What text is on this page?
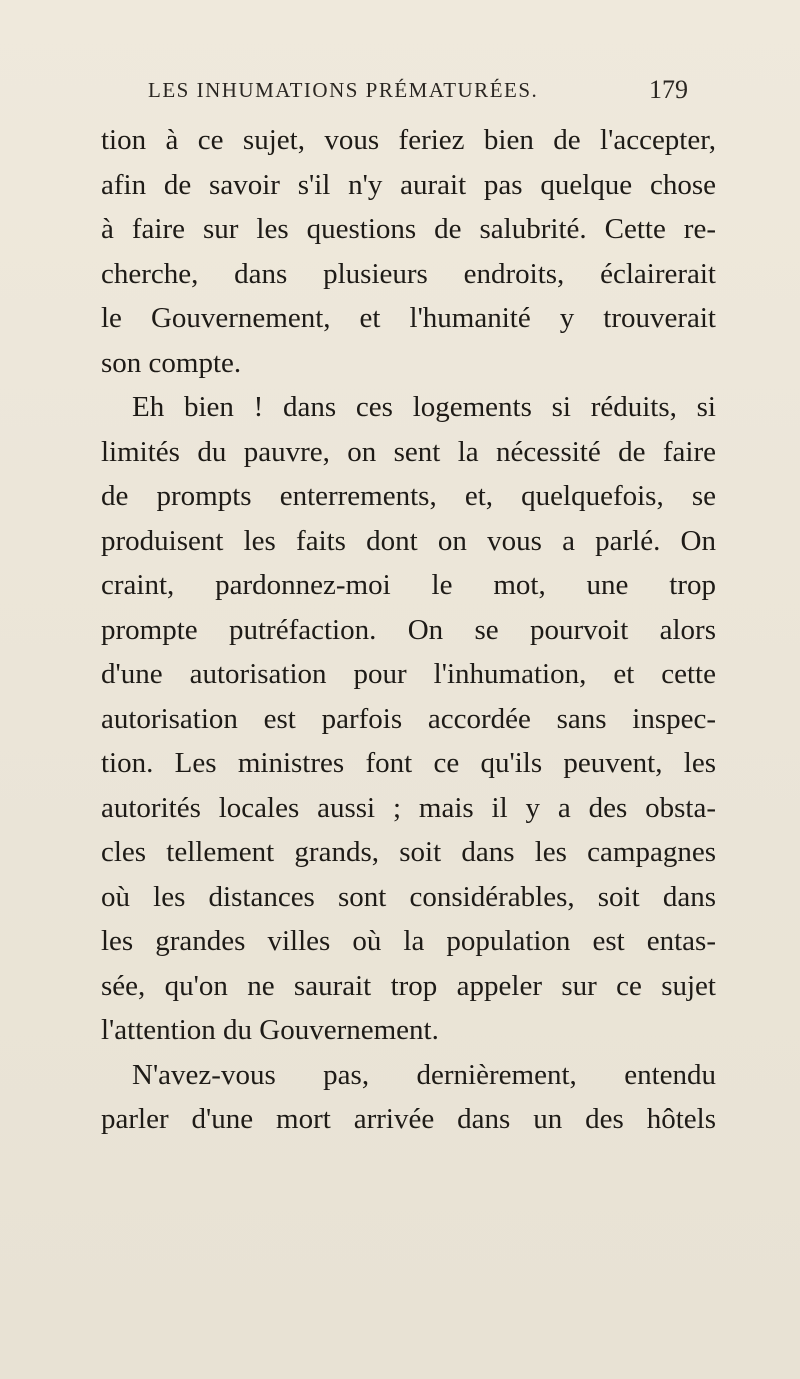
LES INHUMATIONS PRÉMATURÉES.	179
tion à ce sujet, vous feriez bien de l'accepter,
afin de savoir s'il n'y aurait pas quelque chose
à faire sur les questions de salubrité. Cette re-
cherche, dans plusieurs endroits, éclairerait
le Gouvernement, et l'humanité y trouverait
son compte.
Eh bien ! dans ces logements si réduits, si
limités du pauvre, on sent la nécessité de faire
de prompts enterrements, et, quelquefois, se
produisent les faits dont on vous a parlé. On
craint, pardonnez-moi le mot, une trop
prompte putréfaction. On se pourvoit alors
d'une autorisation pour l'inhumation, et cette
autorisation est parfois accordée sans inspec-
tion. Les ministres font ce qu'ils peuvent, les
autorités locales aussi ; mais il y a des obsta-
cles tellement grands, soit dans les campagnes
où les distances sont considérables, soit dans
les grandes villes où la population est entas-
sée, qu'on ne saurait trop appeler sur ce sujet
l'attention du Gouvernement.
N'avez-vous pas, dernièrement, entendu
parler d'une mort arrivée dans un des hôtels
